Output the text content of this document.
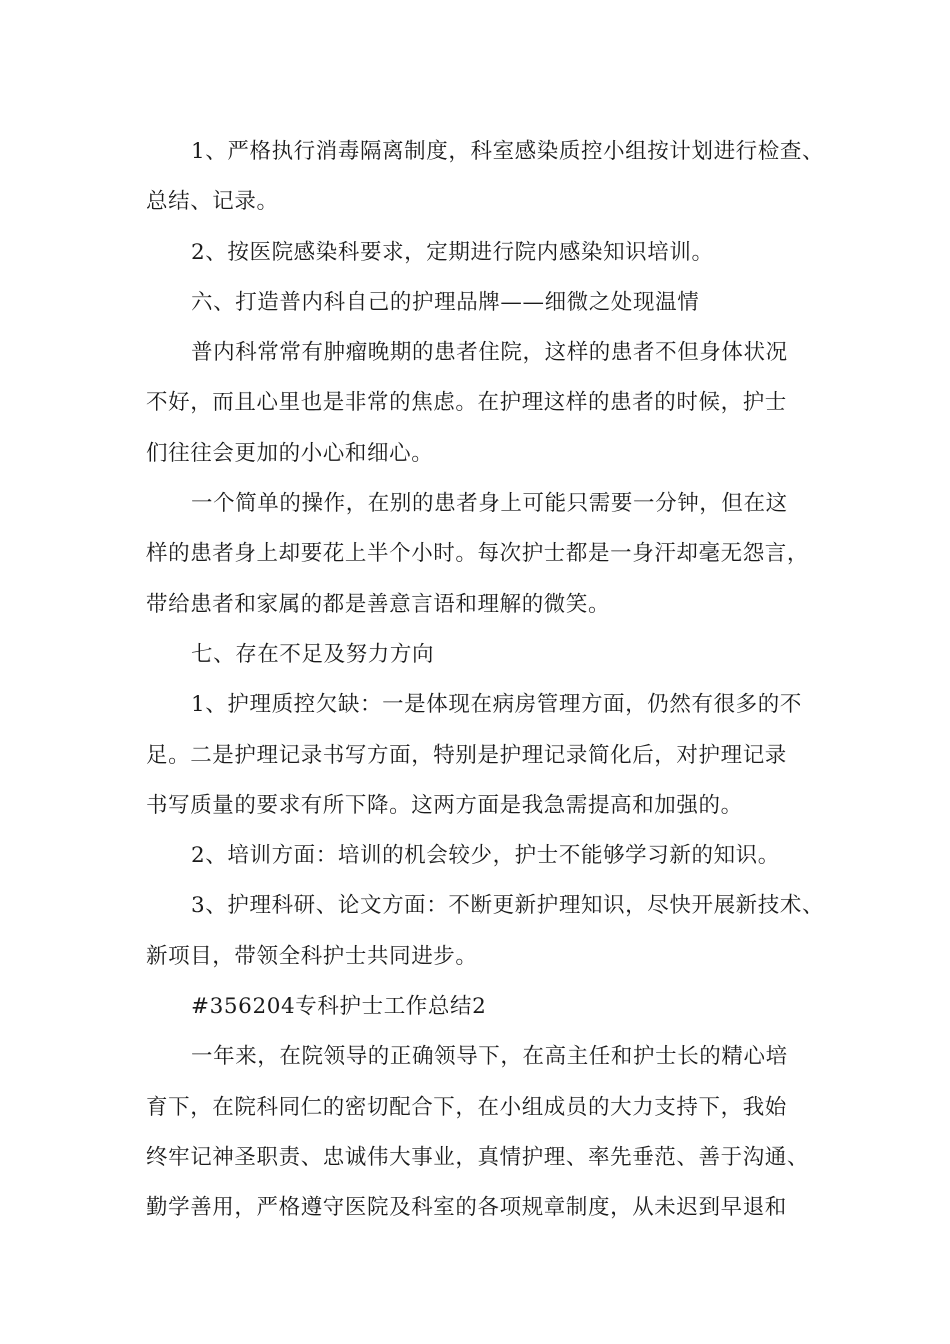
1、严格执行消毒隔离制度，科室感染质控小组按计划进行检查、
总结、记录。

2、按医院感染科要求，定期进行院内感染知识培训。

六、打造普内科自己的护理品牌——细微之处现温情

普内科常常有肿瘤晚期的患者住院，这样的患者不但身体状况
不好，而且心里也是非常的焦虑。在护理这样的患者的时候，护士
们往往会更加的小心和细心。

一个简单的操作，在别的患者身上可能只需要一分钟，但在这
样的患者身上却要花上半个小时。每次护士都是一身汗却毫无怨言，
带给患者和家属的都是善意言语和理解的微笑。

七、存在不足及努力方向

1、护理质控欠缺：一是体现在病房管理方面，仍然有很多的不
足。二是护理记录书写方面，特别是护理记录简化后，对护理记录
书写质量的要求有所下降。这两方面是我急需提高和加强的。

2、培训方面：培训的机会较少，护士不能够学习新的知识。

3、护理科研、论文方面：不断更新护理知识，尽快开展新技术、
新项目，带领全科护士共同进步。

#356204专科护士工作总结2

一年来，在院领导的正确领导下，在高主任和护士长的精心培
育下，在院科同仁的密切配合下，在小组成员的大力支持下，我始
终牢记神圣职责、忠诚伟大事业，真情护理、率先垂范、善于沟通、
勤学善用，严格遵守医院及科室的各项规章制度，从未迟到早退和
